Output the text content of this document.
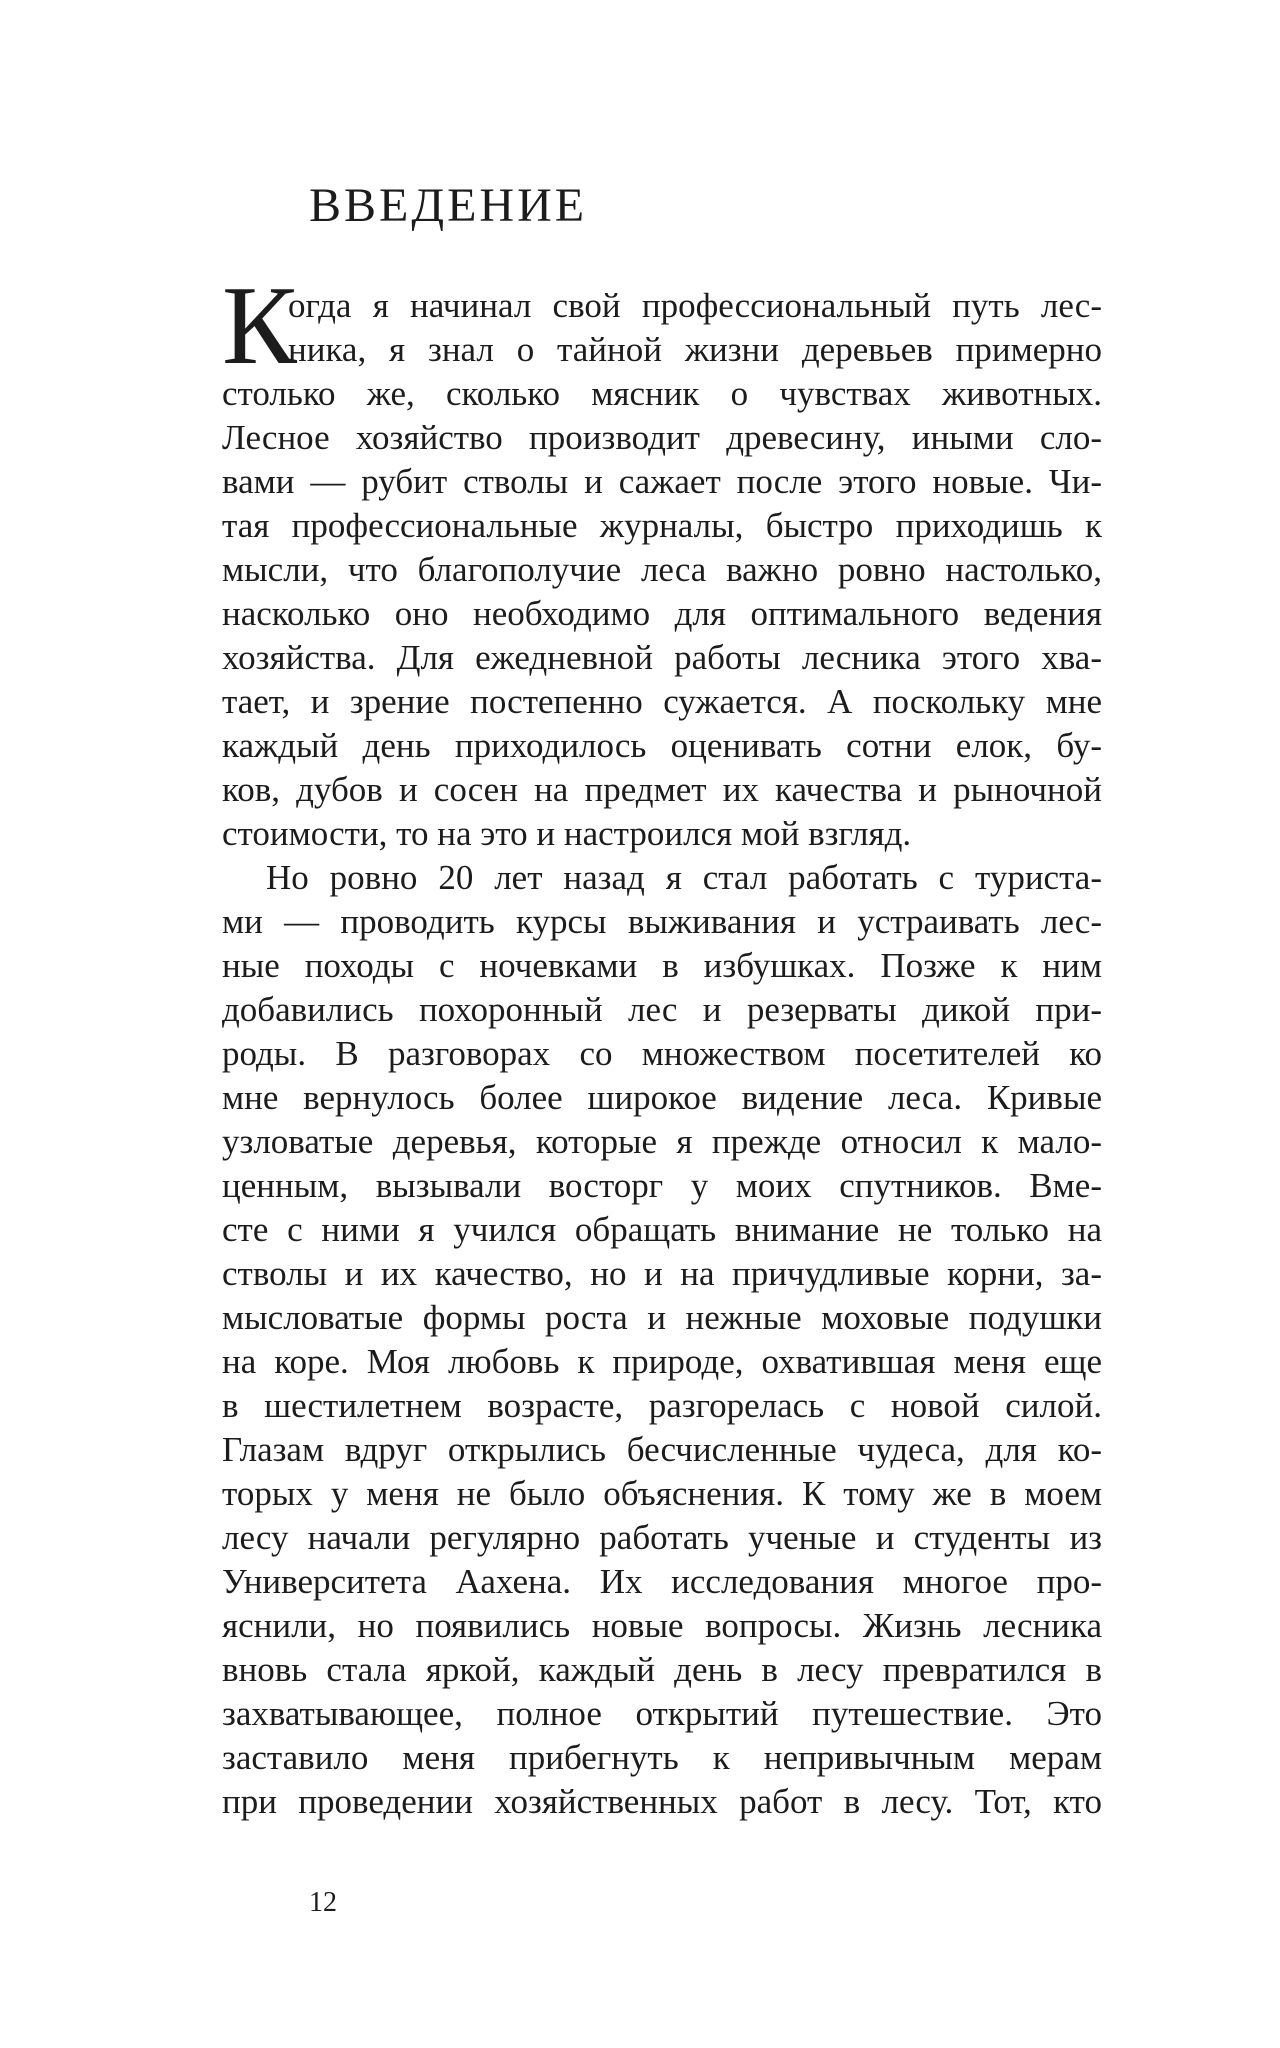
ВВЕДЕНИЕ
К
огда я начинал свой профессиональный путь лес-
ника, я знал о тайной жизни деревьев примерно
столько же, сколько мясник о чувствах животных.
Лесное хозяйство производит древесину, иными сло-
вами — рубит стволы и сажает после этого новые. Чи-
тая профессиональные журналы, быстро приходишь к
мысли, что благополучие леса важно ровно настолько,
насколько оно необходимо для оптимального ведения
хозяйства. Для ежедневной работы лесника этого хва-
тает, и зрение постепенно сужается. А поскольку мне
каждый день приходилось оценивать сотни елок, бу-
ков, дубов и сосен на предмет их качества и рыночной
стоимости, то на это и настроился мой взгляд.
Но ровно 20 лет назад я стал работать с туриста-
ми — проводить курсы выживания и устраивать лес-
ные походы с ночевками в избушках. Позже к ним
добавились похоронный лес и резерваты дикой при-
роды. В разговорах со множеством посетителей ко
мне вернулось более широкое видение леса. Кривые
узловатые деревья, которые я прежде относил к мало-
ценным, вызывали восторг у моих спутников. Вме-
сте с ними я учился обращать внимание не только на
стволы и их качество, но и на причудливые корни, за-
мысловатые формы роста и нежные моховые подушки
на коре. Моя любовь к природе, охватившая меня еще
в шестилетнем возрасте, разгорелась с новой силой.
Глазам вдруг открылись бесчисленные чудеса, для ко-
торых у меня не было объяснения. К тому же в моем
лесу начали регулярно работать ученые и студенты из
Университета Аахена. Их исследования многое про-
яснили, но появились новые вопросы. Жизнь лесника
вновь стала яркой, каждый день в лесу превратился в
захватывающее, полное открытий путешествие. Это
заставило меня прибегнуть к непривычным мерам
при проведении хозяйственных работ в лесу. Тот, кто
12
